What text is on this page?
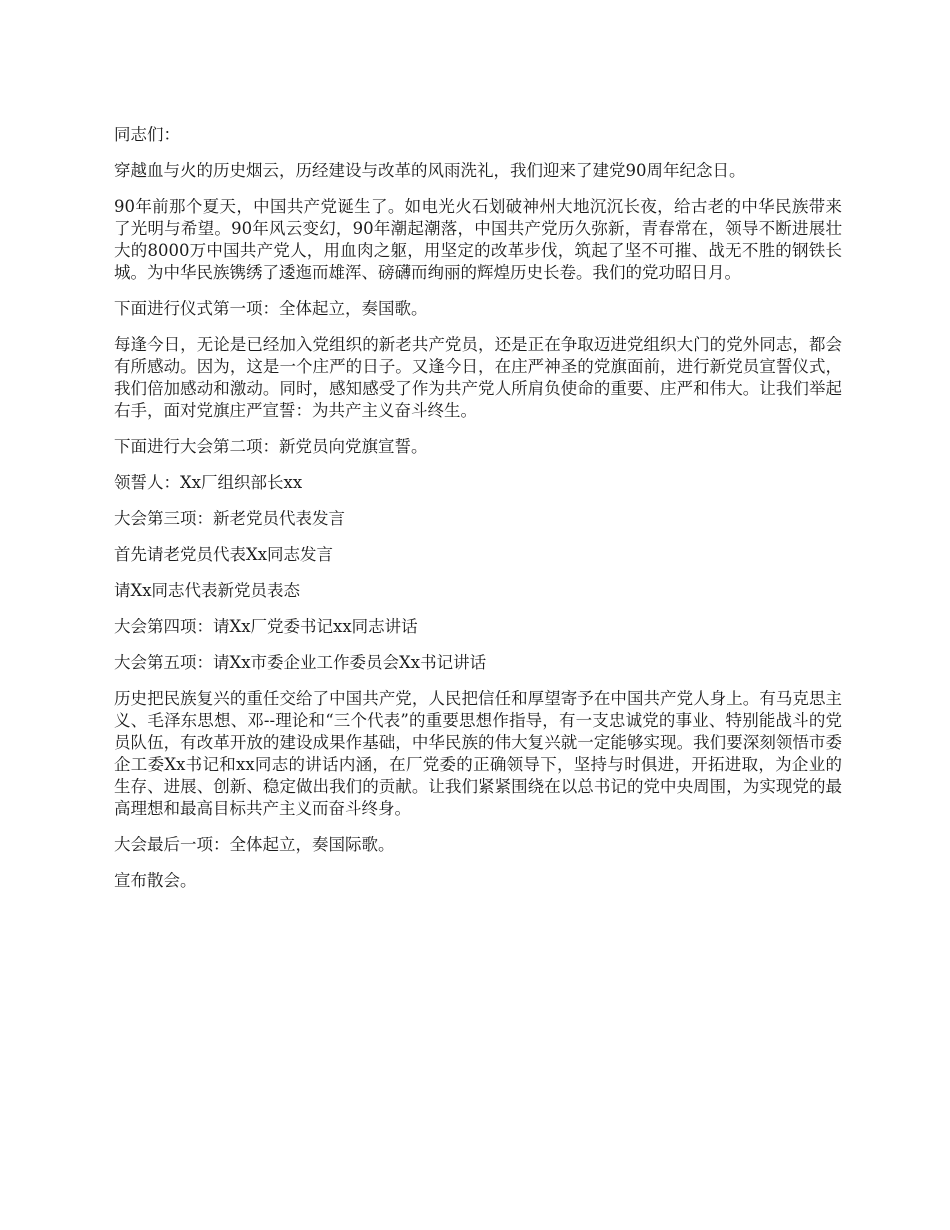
同志们：

穿越血与火的历史烟云，历经建设与改革的风雨洗礼，我们迎来了建党90周年纪念日。

90年前那个夏天，中国共产党诞生了。如电光火石划破神州大地沉沉长夜，给古老的中华民族带来了光明与希望。90年风云变幻，90年潮起潮落，中国共产党历久弥新，青春常在，领导不断进展壮大的8000万中国共产党人，用血肉之躯，用坚定的改革步伐，筑起了坚不可摧、战无不胜的钢铁长城。为中华民族镌绣了逶迤而雄浑、磅礴而绚丽的辉煌历史长卷。我们的党功昭日月。

下面进行仪式第一项：全体起立，奏国歌。

每逢今日，无论是已经加入党组织的新老共产党员，还是正在争取迈进党组织大门的党外同志，都会有所感动。因为，这是一个庄严的日子。又逢今日，在庄严神圣的党旗面前，进行新党员宣誓仪式，我们倍加感动和激动。同时，感知感受了作为共产党人所肩负使命的重要、庄严和伟大。让我们举起右手，面对党旗庄严宣誓：为共产主义奋斗终生。

下面进行大会第二项：新党员向党旗宣誓。

领誓人：Xx厂组织部长xx

大会第三项：新老党员代表发言

首先请老党员代表Xx同志发言

请Xx同志代表新党员表态

大会第四项：请Xx厂党委书记xx同志讲话

大会第五项：请Xx市委企业工作委员会Xx书记讲话

历史把民族复兴的重任交给了中国共产党，人民把信任和厚望寄予在中国共产党人身上。有马克思主义、毛泽东思想、邓--理论和“三个代表”的重要思想作指导，有一支忠诚党的事业、特别能战斗的党员队伍，有改革开放的建设成果作基础，中华民族的伟大复兴就一定能够实现。我们要深刻领悟市委企工委Xx书记和xx同志的讲话内涵，在厂党委的正确领导下，坚持与时俱进，开拓进取，为企业的生存、进展、创新、稳定做出我们的贡献。让我们紧紧围绕在以总书记的党中央周围，为实现党的最高理想和最高目标共产主义而奋斗终身。

大会最后一项：全体起立，奏国际歌。

宣布散会。
